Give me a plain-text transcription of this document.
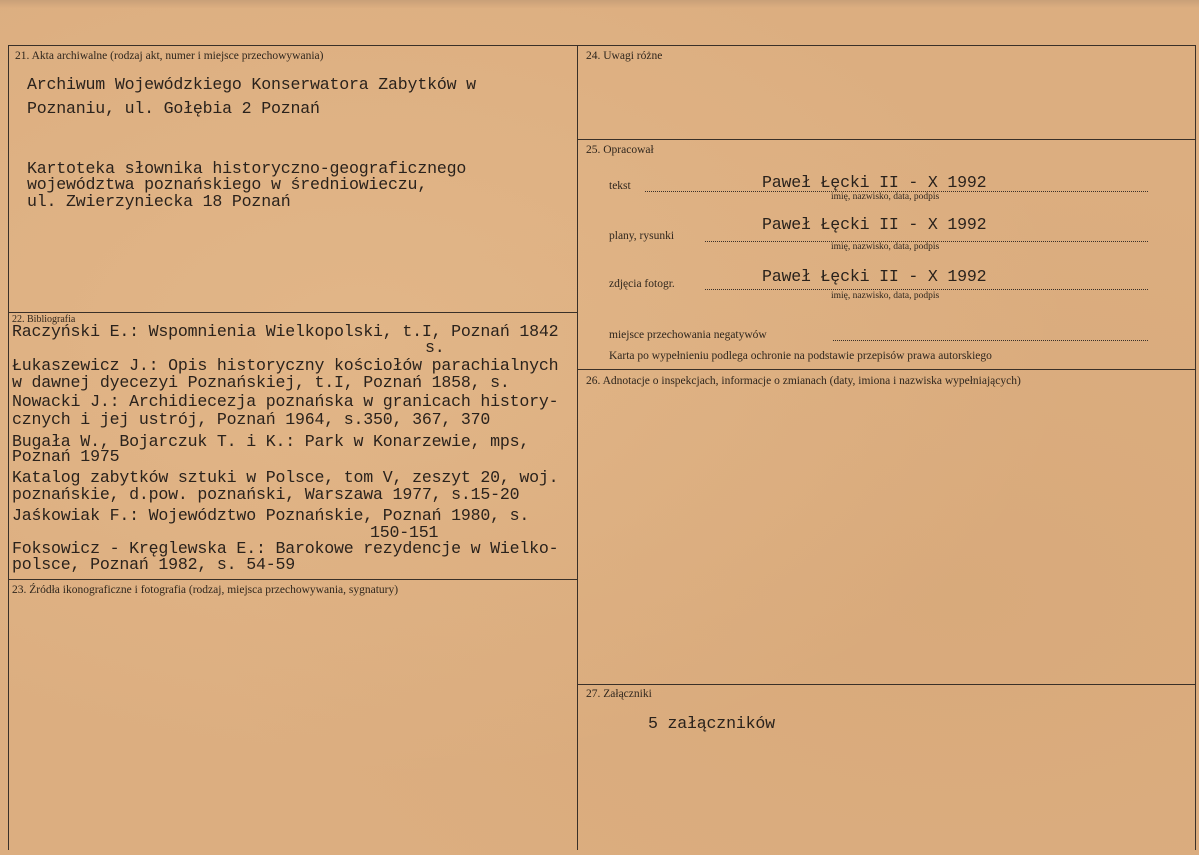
21. Akta archiwalne (rodzaj akt, numer i miejsce przechowywania)
Archiwum Wojewódzkiego Konserwatora Zabytków w
Poznaniu, ul. Gołębia 2 Poznań
Kartoteka słownika historyczno-geograficznego
województwa poznańskiego w średniowieczu,
ul. Zwierzyniecka 18 Poznań
22. Bibliografia
Raczyński E.: Wspomnienia Wielkopolski, t.I, Poznań 1842
s.
Łukaszewicz J.: Opis historyczny kościołów parachialnych
w dawnej dyecezyi Poznańskiej, t.I, Poznań 1858, s.
Nowacki J.: Archidiecezja poznańska w granicach history-
cznych i jej ustrój, Poznań 1964, s.350, 367, 370
Bugała W., Bojarczuk T. i K.: Park w Konarzewie, mps,
Poznań 1975
Katalog zabytków sztuki w Polsce, tom V, zeszyt 20, woj.
poznańskie, d.pow. poznański, Warszawa 1977, s.15-20
Jaśkowiak F.: Województwo Poznańskie, Poznań 1980, s.
150-151
Foksowicz - Kręglewska E.: Barokowe rezydencje w Wielko-
polsce, Poznań 1982, s. 54-59
23. Źródła ikonograficzne i fotografia (rodzaj, miejsca przechowywania, sygnatury)
24. Uwagi różne
25. Opracował
tekst	Paweł Łęcki II - X 1992
imię, nazwisko, data, podpis
plany, rysunki
Paweł Łęcki II - X 1992
imię, nazwisko, data, podpis
zdjęcia fotogr.	Paweł Łęcki II - X 1992
imię, nazwisko, data, podpis
miejsce przechowania negatywów
Karta po wypełnieniu podlega ochronie na podstawie przepisów prawa autorskiego
26. Adnotacje o inspekcjach, informacje o zmianach (daty, imiona i nazwiska wypełniających)
27. Załączniki
5 załączników
